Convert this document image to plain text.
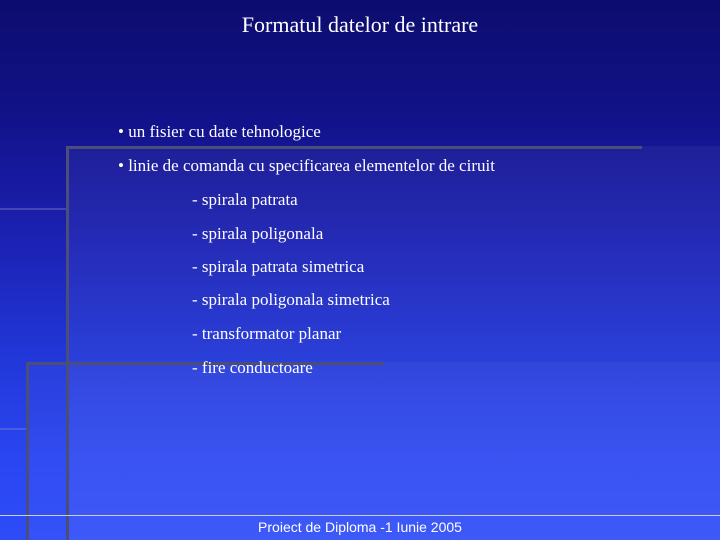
Formatul datelor de intrare
• un fisier cu date tehnologice
• linie de comanda cu specificarea elementelor de ciruit
- spirala patrata
- spirala poligonala
- spirala patrata simetrica
- spirala poligonala simetrica
- transformator planar
- fire conductoare
Proiect de Diploma -1 Iunie 2005
